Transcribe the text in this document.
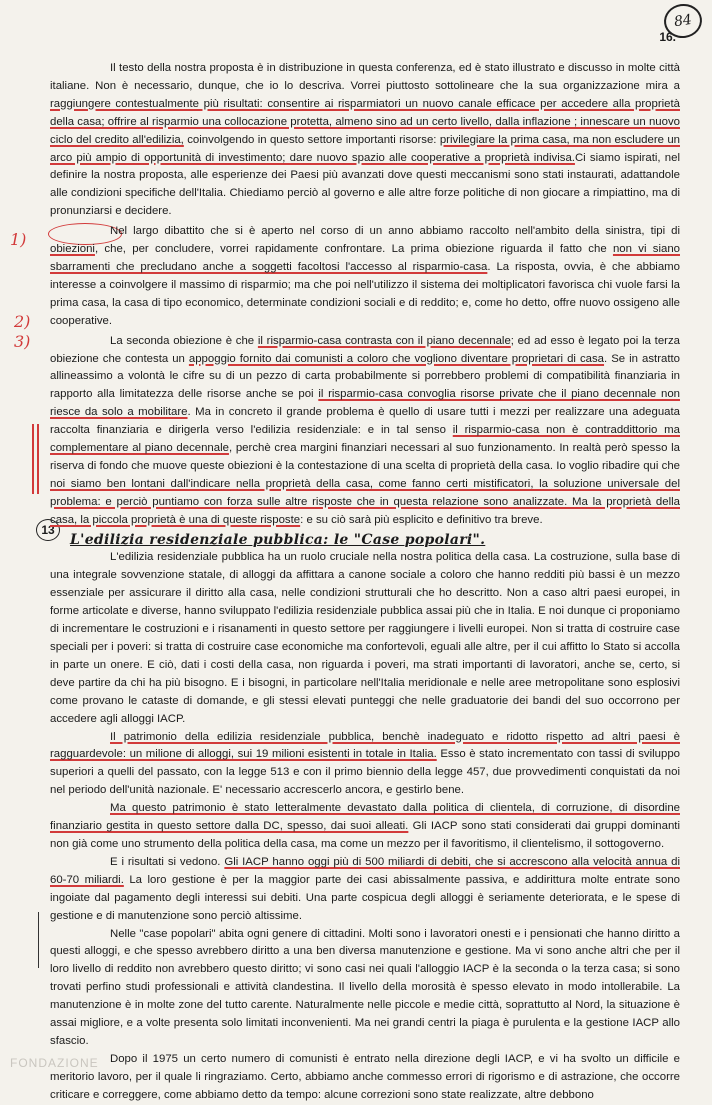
16.
84
1)
2)
3)
13

Il testo della nostra proposta è in distribuzione in questa conferenza, ed è stato illustrato e discusso in molte città italiane. Non è necessario, dunque, che io lo descriva. Vorrei piuttosto sottolineare che la sua organizzazione mira a raggiungere contestualmente più risultati: consentire ai risparmiatori un nuovo canale efficace per accedere alla proprietà della casa; offrire al risparmio una collocazione protetta, almeno sino ad un certo livello, dalla inflazione ; innescare un nuovo ciclo del credito all'edilizia, coinvolgendo in questo settore importanti risorse: privilegiare la prima casa, ma non escludere un arco più ampio di opportunità di investimento; dare nuovo spazio alle cooperative a proprietà indivisa.Ci siamo ispirati, nel definire la nostra proposta, alle esperienze dei Paesi più avanzati dove questi meccanismi sono stati instaurati, adattandole alle condizioni specifiche dell'Italia. Chiediamo perciò al governo e alle altre forze politiche di non giocare a rimpiattino, ma di pronunziarsi e decidere.

Nel largo dibattito che si è aperto nel corso di un anno abbiamo raccolto nell'ambito della sinistra, tipi di obiezioni, che, per concludere, vorrei rapidamente confrontare. La prima obiezione riguarda il fatto che non vi siano sbarramenti che precludano anche a soggetti facoltosi l'accesso al risparmio-casa. La risposta, ovvia, è che abbiamo interesse a coinvolgere il massimo di risparmio; ma che poi nell'utilizzo il sistema dei moltiplicatori favorisca chi vuole farsi la prima casa, la casa di tipo economico, determinate condizioni sociali e di reddito; e, come ho detto, offre nuovo ossigeno alle cooperative.

La seconda obiezione è che il risparmio-casa contrasta con il piano decennale; ed ad esso è legato poi la terza obiezione che contesta un appoggio fornito dai comunisti a coloro che vogliono diventare proprietari di casa. Se in astratto allineassimo a volontà le cifre su di un pezzo di carta probabilmente si porrebbero problemi di compatibilità finanziaria in rapporto alla limitatezza delle risorse anche se poi il risparmio-casa convoglia risorse private che il piano decennale non riesce da solo a mobilitare. Ma in concreto il grande problema è quello di usare tutti i mezzi per realizzare una adeguata raccolta finanziaria e dirigerla verso l'edilizia residenziale: e in tal senso il risparmio-casa non è contraddittorio ma complementare al piano decennale, perchè crea margini finanziari necessari al suo funzionamento. In realtà però spesso la riserva di fondo che muove queste obiezioni è la contestazione di una scelta di proprietà della casa. Io voglio ribadire qui che noi siamo ben lontani dall'indicare nella proprietà della casa, come fanno certi mistificatori, la soluzione universale del problema: e perciò puntiamo con forza sulle altre risposte che in questa relazione sono analizzate. Ma la proprietà della casa, la piccola proprietà è una di queste risposte: e su ciò sarà più esplicito e definitivo tra breve.

L'edilizia residenziale pubblica: le "Case popolari".

L'edilizia residenziale pubblica ha un ruolo cruciale nella nostra politica della casa. La costruzione, sulla base di una integrale sovvenzione statale, di alloggi da affittara a canone sociale a coloro che hanno redditi più bassi è un mezzo essenziale per assicurare il diritto alla casa, nelle condizioni strutturali che ho descritto. Non a caso altri paesi europei, in forme articolate e diverse, hanno sviluppato l'edilizia residenziale pubblica assai più che in Italia. E noi dunque ci proponiamo di incrementare le costruzioni e i risanamenti in questo settore per raggiungere i livelli europei. Non si tratta di costruire case speciali per i poveri: si tratta di costruire case economiche ma confortevoli, eguali alle altre, per il cui affitto lo Stato si accolla in parte un onere. E ciò, dati i costi della casa, non riguarda i poveri, ma strati importanti di lavoratori, anche se, certo, si deve partire da chi ha più bisogno. E i bisogni, in particolare nell'Italia meridionale e nelle aree metropolitane sono esplosivi come provano le cataste di domande, e gli stessi elevati punteggi che nelle graduatorie dei bandi del suo occorrono per accedere agli alloggi IACP.

Il patrimonio della edilizia residenziale pubblica, benchè inadeguato e ridotto rispetto ad altri paesi è ragguardevole: un milione di alloggi, sui 19 milioni esistenti in totale in Italia. Esso è stato incrementato con tassi di sviluppo superiori a quelli del passato, con la legge 513 e con il primo biennio della legge 457, due provvedimenti conquistati da noi nel periodo dell'unità nazionale. E' necessario accrescerlo ancora, e gestirlo bene.

Ma questo patrimonio è stato letteralmente devastato dalla politica di clientela, di corruzione, di disordine finanziario gestita in questo settore dalla DC, spesso, dai suoi alleati. Gli IACP sono stati considerati dai gruppi dominanti non già come uno strumento della politica della casa, ma come un mezzo per il favoritismo, il clientelismo, il sottogoverno.

E i risultati si vedono. Gli IACP hanno oggi più di 500 miliardi di debiti, che si accrescono alla velocità annua di 60-70 miliardi. La loro gestione è per la maggior parte dei casi abissalmente passiva, e addirittura molte entrate sono ingoiate dal pagamento degli interessi sui debiti. Una parte cospicua degli alloggi è seriamente deteriorata, e le spese di gestione e di manutenzione sono perciò altissime.

Nelle "case popolari" abita ogni genere di cittadini. Molti sono i lavoratori onesti e i pensionati che hanno diritto a questi alloggi, e che spesso avrebbero diritto a una ben diversa manutenzione e gestione. Ma vi sono anche altri che per il loro livello di reddito non avrebbero questo diritto; vi sono casi nei quali l'alloggio IACP è la seconda o la terza casa; si sono trovati perfino studi professionali e attività clandestina. Il livello della morosità è spesso elevato in modo intollerabile. La manutenzione è in molte zone del tutto carente. Naturalmente nelle piccole e medie città, soprattutto al Nord, la situazione è assai migliore, e a volte presenta solo limitati inconvenienti. Ma nei grandi centri la piaga è purulenta e la gestione IACP allo sfascio.

Dopo il 1975 un certo numero di comunisti è entrato nella direzione degli IACP, e vi ha svolto un difficile e meritorio lavoro, per il quale li ringraziamo. Certo, abbiamo anche commesso errori di rigorismo e di astrazione, che occorre criticare e correggere, come abbiamo detto da tempo: alcune correzioni sono state realizzate, altre debbono

FONDAZIONE
